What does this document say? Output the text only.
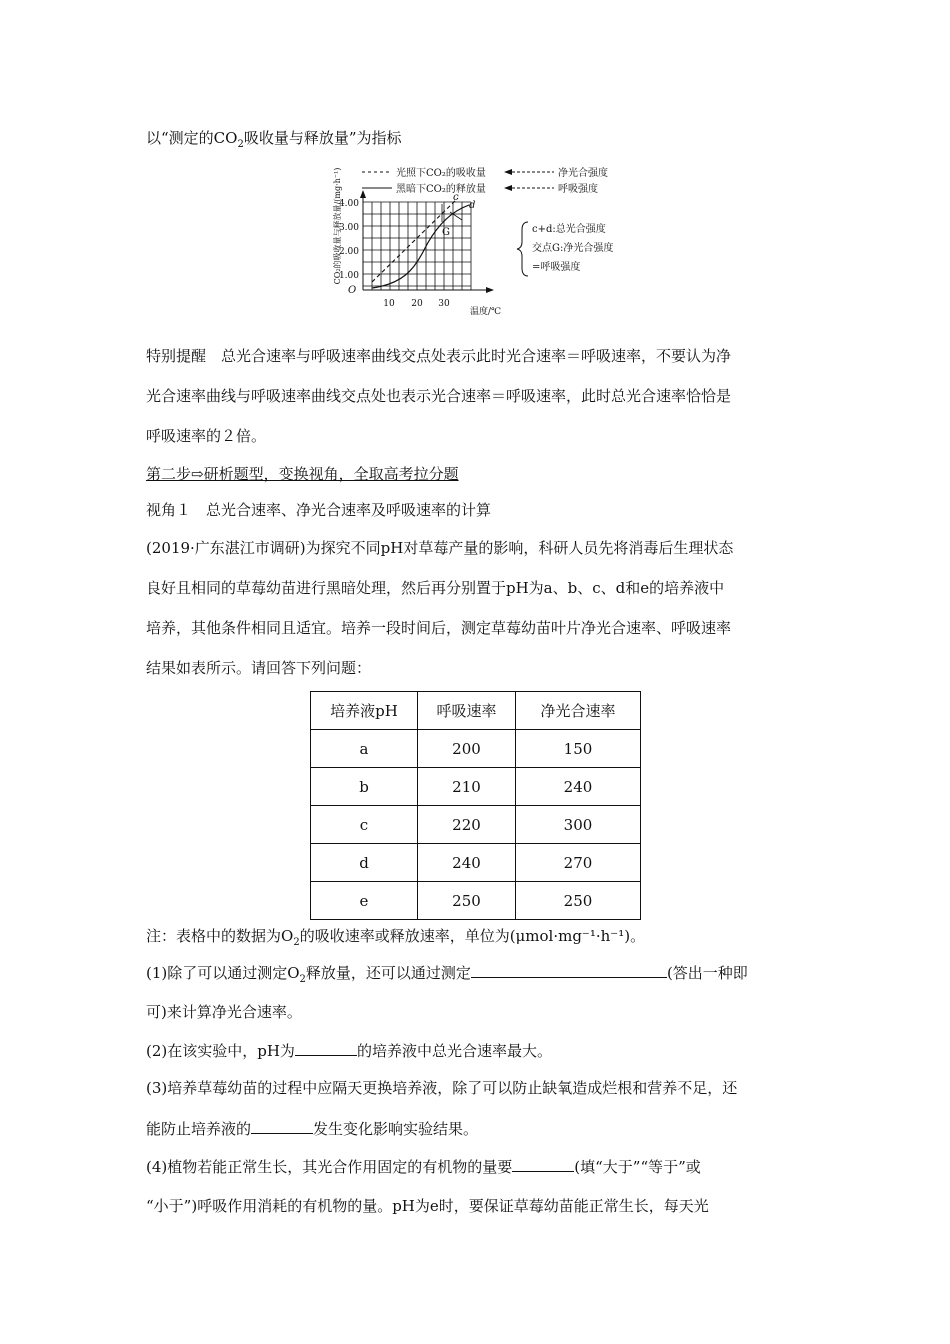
以“测定的$CO_2$吸收量与释放量”为指标
光照下CO₂的吸收量
黑暗下CO₂的释放量
净光合强度
呼吸强度
CO₂的吸收量与释放量/(mg·h⁻¹)
O
4.00
3.00
2.00
1.00
10 20 30
温度/℃
c
d
G	c+d:总光合强度
交点G:净光合强度
=呼吸强度
特别提醒　总光合速率与呼吸速率曲线交点处表示此时光合速率＝呼吸速率，不要认为净
光合速率曲线与呼吸速率曲线交点处也表示光合速率＝呼吸速率，此时总光合速率恰恰是
呼吸速率的２倍。
第二步⇨研析题型，变换视角，全取高考拉分题
视角１　总光合速率、净光合速率及呼吸速率的计算
(2019·广东湛江市调研)为探究不同pH对草莓产量的影响，科研人员先将消毒后生理状态
良好且相同的草莓幼苗进行黑暗处理，然后再分别置于pH为a、b、c、d和e的培养液中
培养，其他条件相同且适宜。培养一段时间后，测定草莓幼苗叶片净光合速率、呼吸速率
结果如表所示。请回答下列问题：
培养液pH	呼吸速率	净光合速率
a	200	150
b	210	240
c	220	300
d	240	270
e	250	250
注：表格中的数据为$O_2$的吸收速率或释放速率，单位为(μmol·mg⁻¹·h⁻¹)。
(1)除了可以通过测定$O_2$释放量，还可以通过测定	(答出一种即
可)来计算净光合速率。
(2)在该实验中，pH为	的培养液中总光合速率最大。
(3)培养草莓幼苗的过程中应隔天更换培养液，除了可以防止缺氧造成烂根和营养不足，还
能防止培养液的	发生变化影响实验结果。
(4)植物若能正常生长，其光合作用固定的有机物的量要	(填“大于”“等于”或
“小于”)呼吸作用消耗的有机物的量。pH为e时，要保证草莓幼苗能正常生长，每天光
